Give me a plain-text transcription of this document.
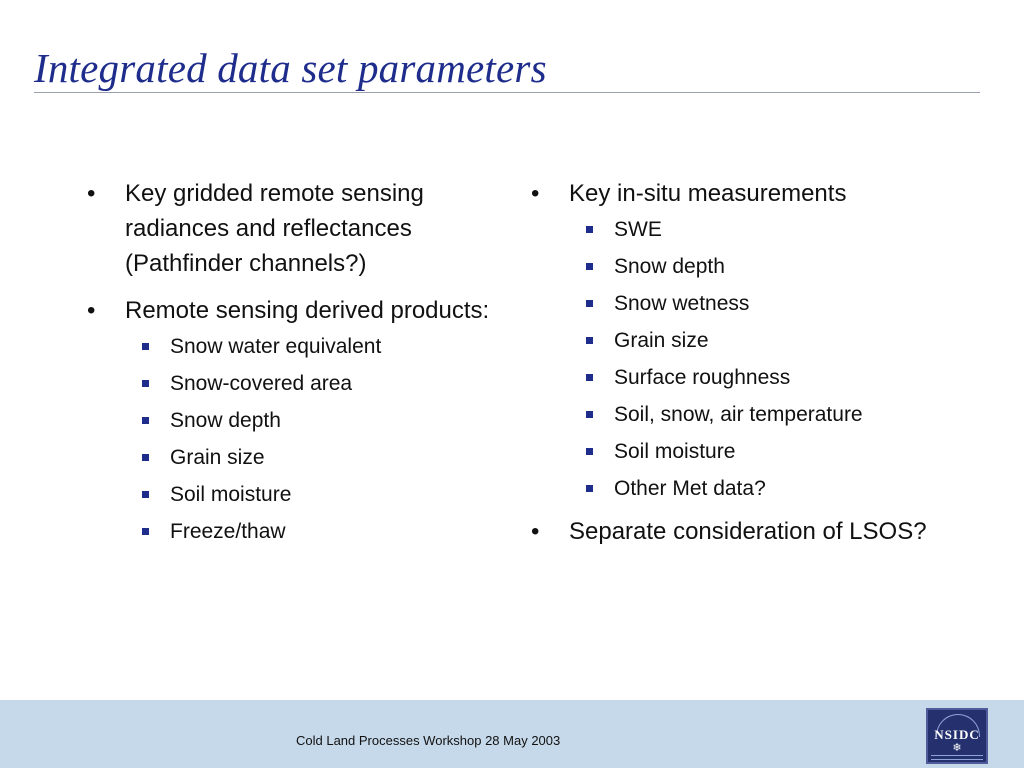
Integrated data set parameters
•	Key gridded remote sensing radiances and reflectances (Pathfinder channels?)
•	Remote sensing derived products:
Snow water equivalent
Snow-covered area
Snow depth
Grain size
Soil moisture
Freeze/thaw
•	Key in-situ measurements
SWE
Snow depth
Snow wetness
Grain size
Surface roughness
Soil, snow, air temperature
Soil moisture
Other Met data?
•	Separate consideration of LSOS?
Cold Land Processes Workshop 28 May 2003	NSIDC
❄
